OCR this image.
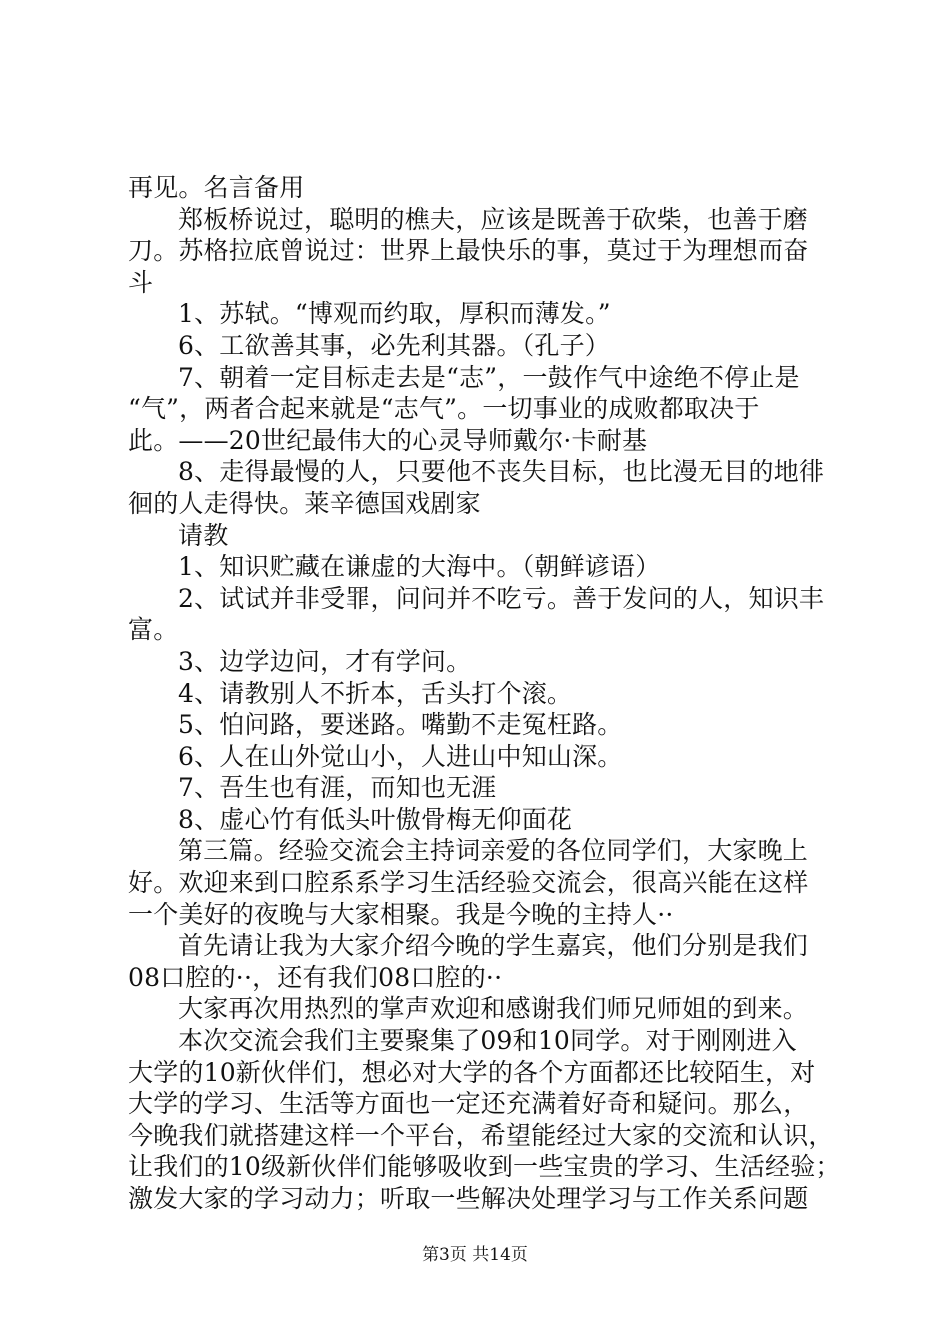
再见。名言备用
郑板桥说过，聪明的樵夫，应该是既善于砍柴，也善于磨
刀。苏格拉底曾说过：世界上最快乐的事，莫过于为理想而奋
斗
1、苏轼。“博观而约取，厚积而薄发。”
6、工欲善其事，必先利其器。（孔子）
7、朝着一定目标走去是“志”，一鼓作气中途绝不停止是
“气”，两者合起来就是“志气”。一切事业的成败都取决于
此。——20世纪最伟大的心灵导师戴尔·卡耐基
8、走得最慢的人，只要他不丧失目标，也比漫无目的地徘
徊的人走得快。莱辛德国戏剧家
请教
1、知识贮藏在谦虚的大海中。（朝鲜谚语）
2、试试并非受罪，问问并不吃亏。善于发问的人，知识丰
富。
3、边学边问，才有学问。
4、请教别人不折本，舌头打个滚。
5、怕问路，要迷路。嘴勤不走冤枉路。
6、人在山外觉山小，人进山中知山深。
7、吾生也有涯，而知也无涯
8、虚心竹有低头叶傲骨梅无仰面花
第三篇。经验交流会主持词亲爱的各位同学们，大家晚上
好。欢迎来到口腔系系学习生活经验交流会，很高兴能在这样
一个美好的夜晚与大家相聚。我是今晚的主持人··
首先请让我为大家介绍今晚的学生嘉宾，他们分别是我们
08口腔的··，还有我们08口腔的··
大家再次用热烈的掌声欢迎和感谢我们师兄师姐的到来。
本次交流会我们主要聚集了09和10同学。对于刚刚进入
大学的10新伙伴们，想必对大学的各个方面都还比较陌生，对
大学的学习、生活等方面也一定还充满着好奇和疑问。那么，
今晚我们就搭建这样一个平台，希望能经过大家的交流和认识，
让我们的10级新伙伴们能够吸收到一些宝贵的学习、生活经验；
激发大家的学习动力；听取一些解决处理学习与工作关系问题
第3页 共14页
